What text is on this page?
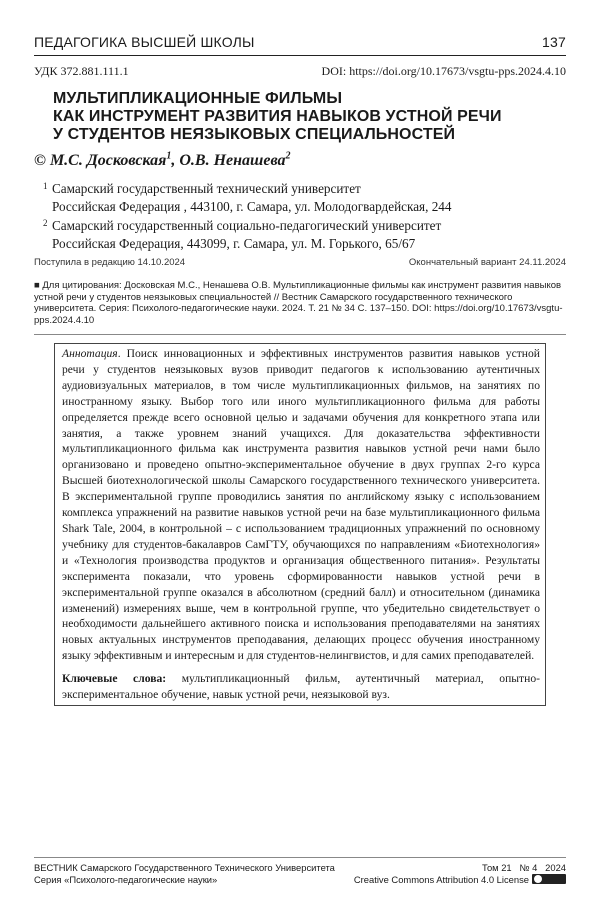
ПЕДАГОГИКА ВЫСШЕЙ ШКОЛЫ	137
УДК 372.881.111.1	DOI: https://doi.org/10.17673/vsgtu-pps.2024.4.10
МУЛЬТИПЛИКАЦИОННЫЕ ФИЛЬМЫ
КАК ИНСТРУМЕНТ РАЗВИТИЯ НАВЫКОВ УСТНОЙ РЕЧИ
У СТУДЕНТОВ НЕЯЗЫКОВЫХ СПЕЦИАЛЬНОСТЕЙ
© М.С. Досковская$^1$, О.В. Ненашева$^2$
1 Самарский государственный технический университет
Российская Федерация , 443100, г. Самара, ул. Молодогвардейская, 244
2 Самарский государственный социально-педагогический университет
Российская Федерация, 443099, г. Самара, ул. М. Горького, 65/67
Поступила в редакцию 14.10.2024	Окончательный вариант 24.11.2024
■ Для цитирования: Досковская М.С., Ненашева О.В. Мультипликационные фильмы как инструмент развития навыков устной речи у студентов неязыковых специальностей // Вестник Самарского государственного технического университета. Серия: Психолого-педагогические науки. 2024. Т. 21 № 34 С. 137–150. DOI: https://doi.org/10.17673/vsgtu-pps.2024.4.10
Аннотация. Поиск инновационных и эффективных инструментов развития навыков устной речи у студентов неязыковых вузов приводит педагогов к использованию аутентичных аудиовизуальных материалов, в том числе мультипликационных фильмов, на занятиях по иностранному языку. Выбор того или иного мультипликационного фильма для работы определяется прежде всего основной целью и задачами обучения для конкретного этапа или занятия, а также уровнем знаний учащихся. Для доказательства эффективности мультипликационного фильма как инструмента развития навыков устной речи нами было организовано и проведено опытно-экспериментальное обучение в двух группах 2-го курса Высшей биотехнологической школы Самарского государственного технического университета. В экспериментальной группе проводились занятия по английскому языку с использованием комплекса упражнений на развитие навыков устной речи на базе мультипликационного фильма Shark Tale, 2004, в контрольной – с использованием традиционных упражнений по основному учебнику для студентов-бакалавров СамГТУ, обучающихся по направлениям «Биотехнология» и «Технология производства продуктов и организация общественного питания». Результаты эксперимента показали, что уровень сформированности навыков устной речи в экспериментальной группе оказался в абсолютном (средний балл) и относительном (динамика изменений) измерениях выше, чем в контрольной группе, что убедительно свидетельствует о необходимости дальнейшего активного поиска и использования преподавателями на занятиях новых актуальных инструментов преподавания, делающих процесс обучения иностранному языку эффективным и интересным и для студентов-нелингвистов, и для самих преподавателей.
Ключевые слова: мультипликационный фильм, аутентичный материал, опытно-экспериментальное обучение, навык устной речи, неязыковой вуз.
ВЕСТНИК Самарского Государственного Технического Университета
Серия «Психолого-педагогические науки»
Том 21   № 4   2024
Creative Commons Attribution 4.0 License
